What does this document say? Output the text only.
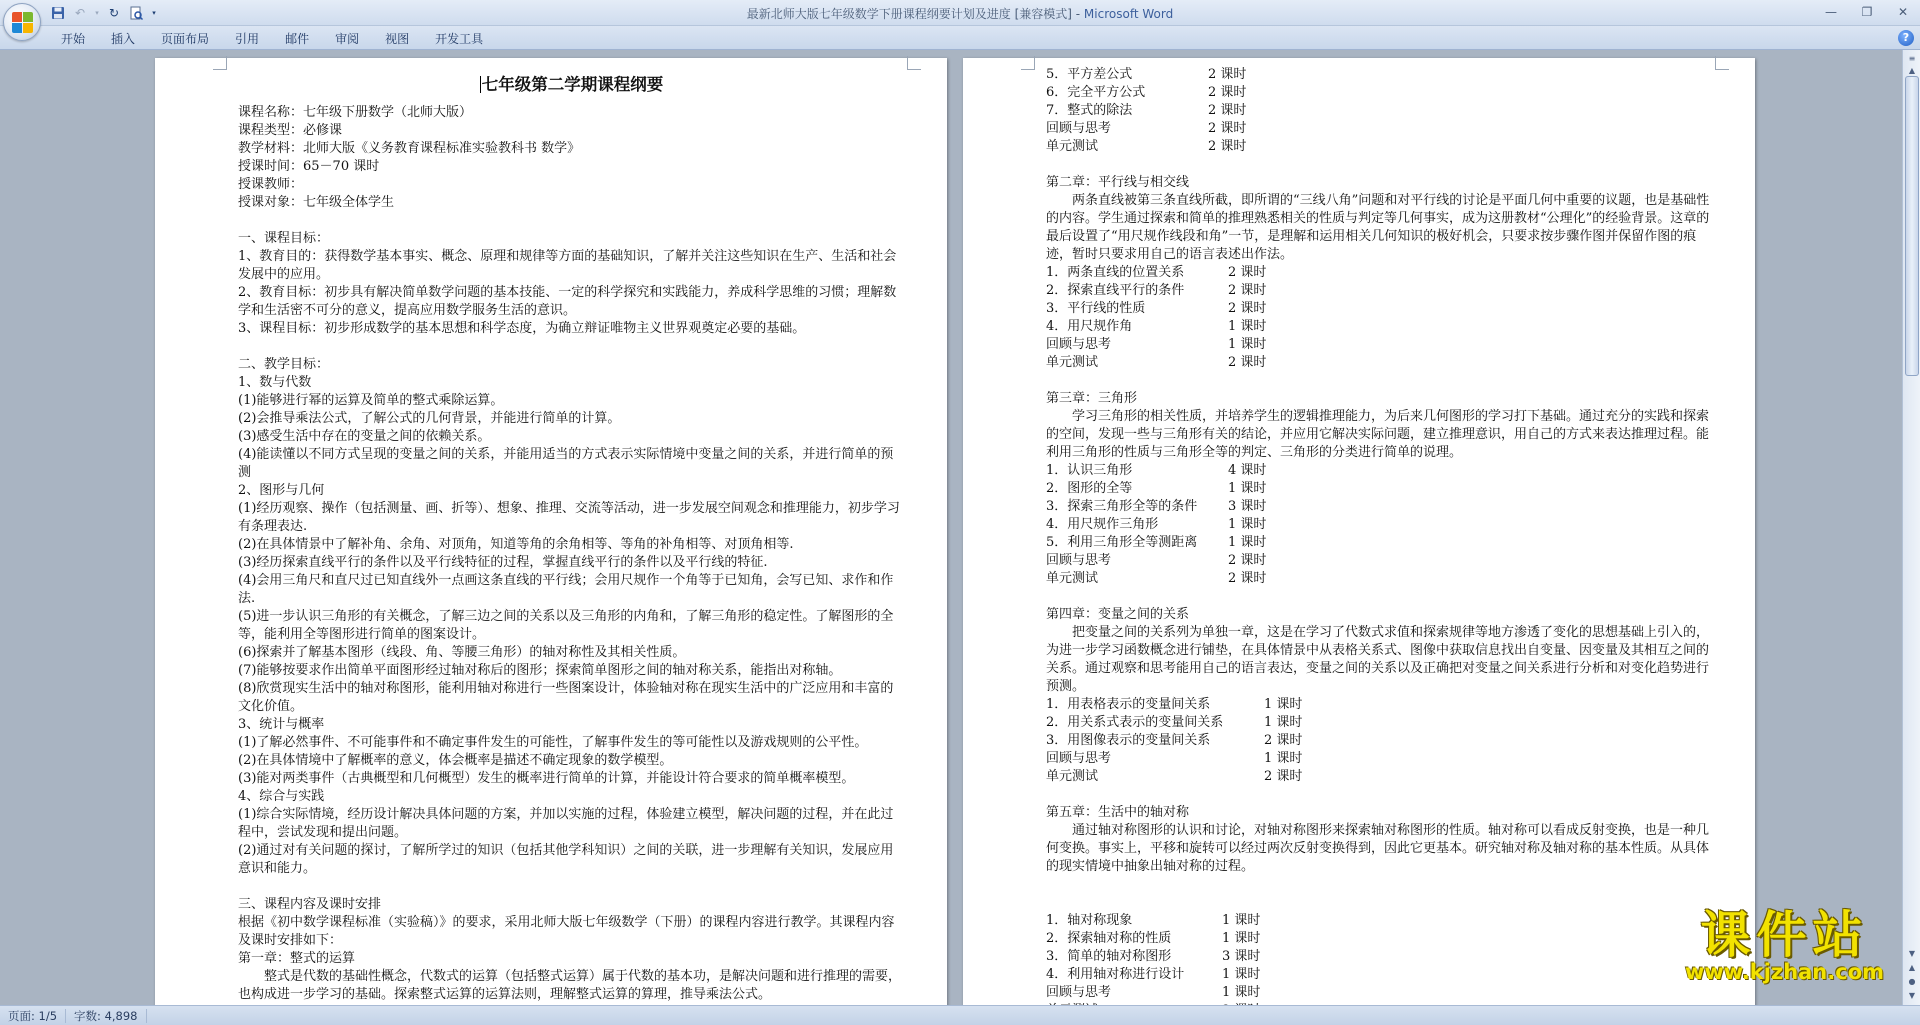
↶	▾ ↻	▾	最新北师大版七年级数学下册课程纲要计划及进度 [兼容模式] - Microsoft Word	—	❐	✕
开始	插入	页面布局	引用	邮件	审阅	视图	开发工具	?
七年级第二学期课程纲要
课程名称：七年级下册数学（北师大版）
课程类型：必修课
教学材料：北师大版《义务教育课程标准实验教科书 数学》
授课时间：65－70 课时
授课教师：
授课对象：七年级全体学生
一、课程目标：
1、教育目的：获得数学基本事实、概念、原理和规律等方面的基础知识，了解并关注这些知识在生产、生活和社会发展中的应用。
2、教育目标：初步具有解决简单数学问题的基本技能、一定的科学探究和实践能力，养成科学思维的习惯；理解数学和生活密不可分的意义，提高应用数学服务生活的意识。
3、课程目标：初步形成数学的基本思想和科学态度，为确立辩证唯物主义世界观奠定必要的基础。
二、教学目标：
1、数与代数
(1)能够进行幂的运算及简单的整式乘除运算。
(2)会推导乘法公式，了解公式的几何背景，并能进行简单的计算。
(3)感受生活中存在的变量之间的依赖关系。
(4)能读懂以不同方式呈现的变量之间的关系，并能用适当的方式表示实际情境中变量之间的关系，并进行简单的预测
2、图形与几何
(1)经历观察、操作（包括测量、画、折等）、想象、推理、交流等活动，进一步发展空间观念和推理能力，初步学习有条理表达.
(2)在具体情景中了解补角、余角、对顶角，知道等角的余角相等、等角的补角相等、对顶角相等.
(3)经历探索直线平行的条件以及平行线特征的过程，掌握直线平行的条件以及平行线的特征.
(4)会用三角尺和直尺过已知直线外一点画这条直线的平行线；会用尺规作一个角等于已知角，会写已知、求作和作法.
(5)进一步认识三角形的有关概念，了解三边之间的关系以及三角形的内角和，了解三角形的稳定性。了解图形的全等，能利用全等图形进行简单的图案设计。
(6)探索并了解基本图形（线段、角、等腰三角形）的轴对称性及其相关性质。
(7)能够按要求作出简单平面图形经过轴对称后的图形；探索简单图形之间的轴对称关系，能指出对称轴。
(8)欣赏现实生活中的轴对称图形，能利用轴对称进行一些图案设计，体验轴对称在现实生活中的广泛应用和丰富的文化价值。
3、统计与概率
(1)了解必然事件、不可能事件和不确定事件发生的可能性，了解事件发生的等可能性以及游戏规则的公平性。
(2)在具体情境中了解概率的意义，体会概率是描述不确定现象的数学模型。
(3)能对两类事件（古典概型和几何概型）发生的概率进行简单的计算，并能设计符合要求的简单概率模型。
4、综合与实践
(1)综合实际情境，经历设计解决具体问题的方案，并加以实施的过程，体验建立模型，解决问题的过程，并在此过程中，尝试发现和提出问题。
(2)通过对有关问题的探讨，了解所学过的知识（包括其他学科知识）之间的关联，进一步理解有关知识，发展应用意识和能力。
三、课程内容及课时安排
根据《初中数学课程标准（实验稿）》的要求，采用北师大版七年级数学（下册）的课程内容进行教学。其课程内容及课时安排如下：
第一章：整式的运算
整式是代数的基础性概念，代数式的运算（包括整式运算）属于代数的基本功，是解决问题和进行推理的需要，也构成进一步学习的基础。探索整式运算的运算法则，理解整式运算的算理，推导乘法公式。
5．平方差公式	2 课时
6．完全平方公式	2 课时
7．整式的除法	2 课时
回顾与思考	2 课时
单元测试	2 课时
第二章：平行线与相交线
两条直线被第三条直线所截，即所谓的“三线八角”问题和对平行线的讨论是平面几何中重要的议题，也是基础性的内容。学生通过探索和简单的推理熟悉相关的性质与判定等几何事实，成为这册教材“公理化”的经验背景。这章的最后设置了“用尺规作线段和角”一节，是理解和运用相关几何知识的极好机会，只要求按步骤作图并保留作图的痕迹，暂时只要求用自己的语言表述出作法。
1．两条直线的位置关系	2 课时
2．探索直线平行的条件	2 课时
3．平行线的性质	2 课时
4．用尺规作角	1 课时
回顾与思考	1 课时
单元测试	2 课时
第三章：三角形
学习三角形的相关性质，并培养学生的逻辑推理能力，为后来几何图形的学习打下基础。通过充分的实践和探索的空间，发现一些与三角形有关的结论，并应用它解决实际问题，建立推理意识，用自己的方式来表达推理过程。能利用三角形的性质与三角形全等的判定、三角形的分类进行简单的说理。
1．认识三角形	4 课时
2．图形的全等	1 课时
3．探索三角形全等的条件	3 课时
4．用尺规作三角形	1 课时
5．利用三角形全等测距离	1 课时
回顾与思考	2 课时
单元测试	2 课时
第四章：变量之间的关系
把变量之间的关系列为单独一章，这是在学习了代数式求值和探索规律等地方渗透了变化的思想基础上引入的，为进一步学习函数概念进行铺垫，在具体情景中从表格关系式、图像中获取信息找出自变量、因变量及其相互之间的关系。通过观察和思考能用自己的语言表达，变量之间的关系以及正确把对变量之间关系进行分析和对变化趋势进行预测。
1．用表格表示的变量间关系	1 课时
2．用关系式表示的变量间关系	1 课时
3．用图像表示的变量间关系	2 课时
回顾与思考	1 课时
单元测试	2 课时
第五章：生活中的轴对称
通过轴对称图形的认识和讨论，对轴对称图形来探索轴对称图形的性质。轴对称可以看成反射变换，也是一种几何变换。事实上，平移和旋转可以经过两次反射变换得到，因此它更基本。研究轴对称及轴对称的基本性质。从具体的现实情境中抽象出轴对称的过程。
1．轴对称现象	1 课时
2．探索轴对称的性质	1 课时
3．简单的轴对称图形	3 课时
4．利用轴对称进行设计	1 课时
回顾与思考	1 课时
课件站
www.kjzhan.com
≡
▲
▼
▲
●
▼
页面: 1/5	字数: 4,898
